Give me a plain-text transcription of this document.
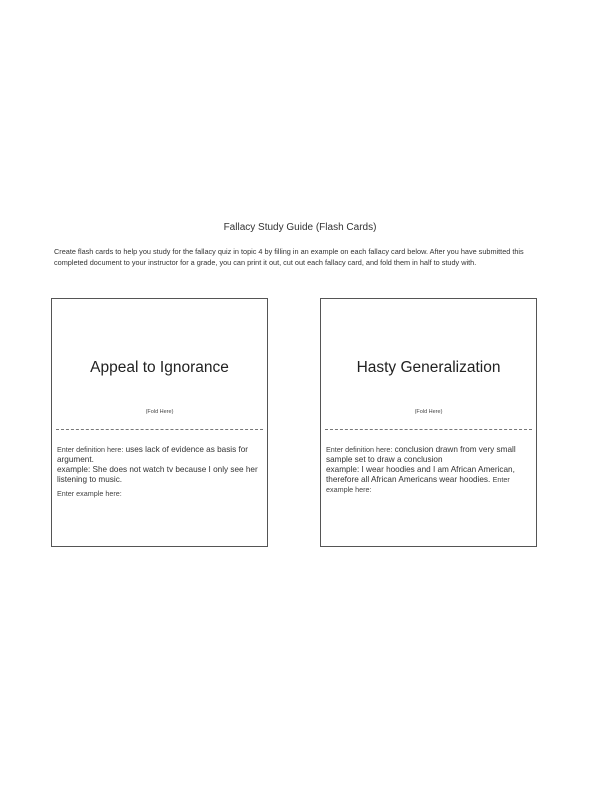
Fallacy Study Guide (Flash Cards)
Create flash cards to help you study for the fallacy quiz in topic 4 by filling in an example on each fallacy card below. After you have submitted this completed document to your instructor for a grade, you can print it out, cut out each fallacy card, and fold them in half to study with.
Appeal to Ignorance
(Fold Here)
Enter definition here: uses lack of evidence as basis for argument.
example: She does not watch tv because I only see her listening to music.
Enter example here:
Hasty Generalization
(Fold Here)
Enter definition here: conclusion drawn from very small sample set to draw a conclusion
example: I wear hoodies and I am African American, therefore all African Americans wear hoodies. Enter example here:
